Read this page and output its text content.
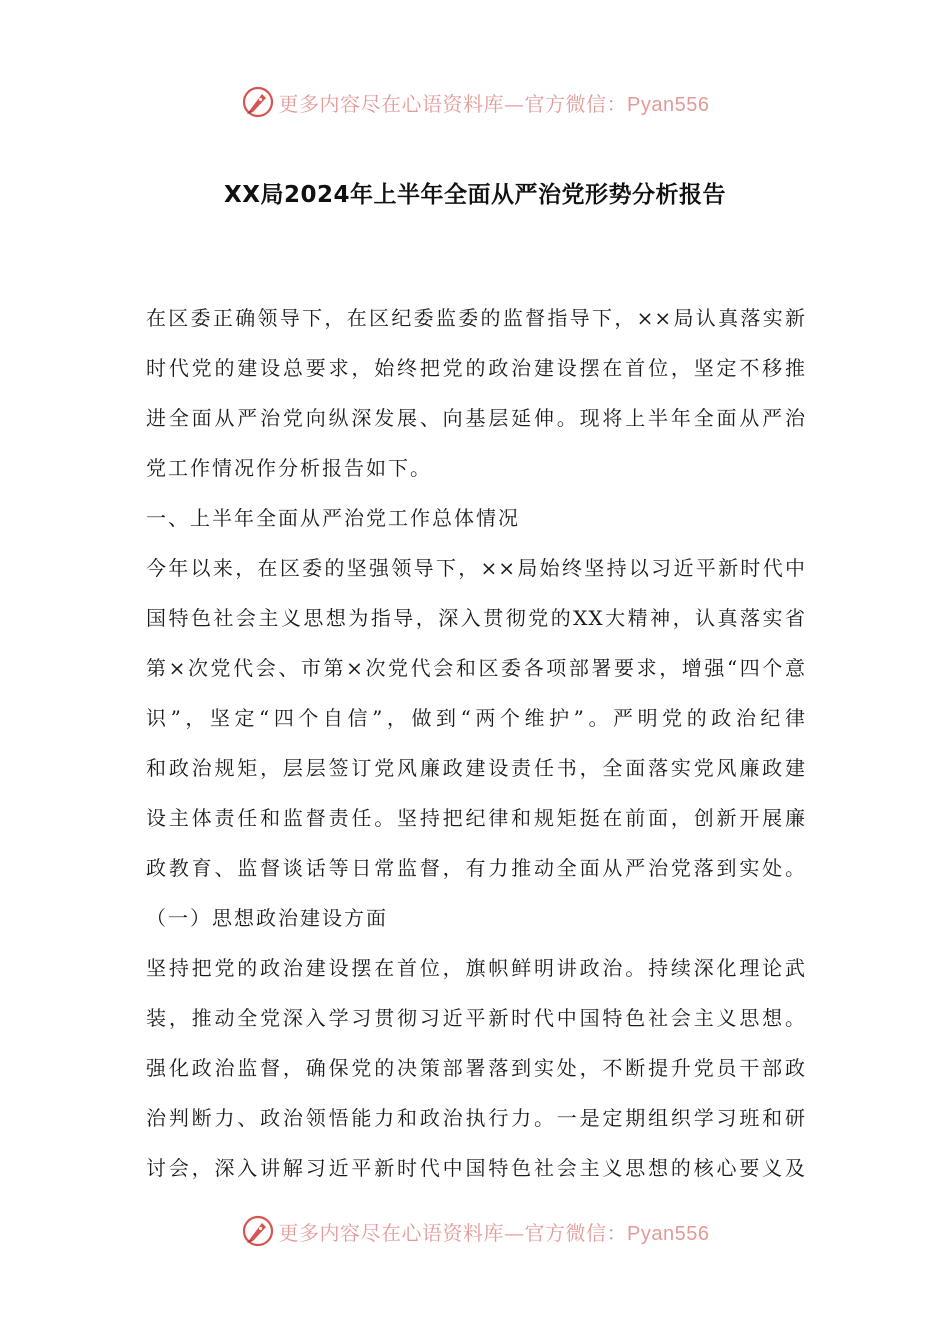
更多内容尽在心语资料库—官方微信：Pyan556
XX局2024年上半年全面从严治党形势分析报告
在区委正确领导下，在区纪委监委的监督指导下，××局认真落实新
时代党的建设总要求，始终把党的政治建设摆在首位，坚定不移推
进全面从严治党向纵深发展、向基层延伸。现将上半年全面从严治
党工作情况作分析报告如下。
一、上半年全面从严治党工作总体情况
今年以来，在区委的坚强领导下，××局始终坚持以习近平新时代中
国特色社会主义思想为指导，深入贯彻党的XX大精神，认真落实省
第×次党代会、市第×次党代会和区委各项部署要求，增强“四个意
识”，坚定“四个自信”，做到“两个维护”。严明党的政治纪律
和政治规矩，层层签订党风廉政建设责任书，全面落实党风廉政建
设主体责任和监督责任。坚持把纪律和规矩挺在前面，创新开展廉
政教育、监督谈话等日常监督，有力推动全面从严治党落到实处。
（一）思想政治建设方面
坚持把党的政治建设摆在首位，旗帜鲜明讲政治。持续深化理论武
装，推动全党深入学习贯彻习近平新时代中国特色社会主义思想。
强化政治监督，确保党的决策部署落到实处，不断提升党员干部政
治判断力、政治领悟能力和政治执行力。一是定期组织学习班和研
讨会，深入讲解习近平新时代中国特色社会主义思想的核心要义及
更多内容尽在心语资料库—官方微信：Pyan556
